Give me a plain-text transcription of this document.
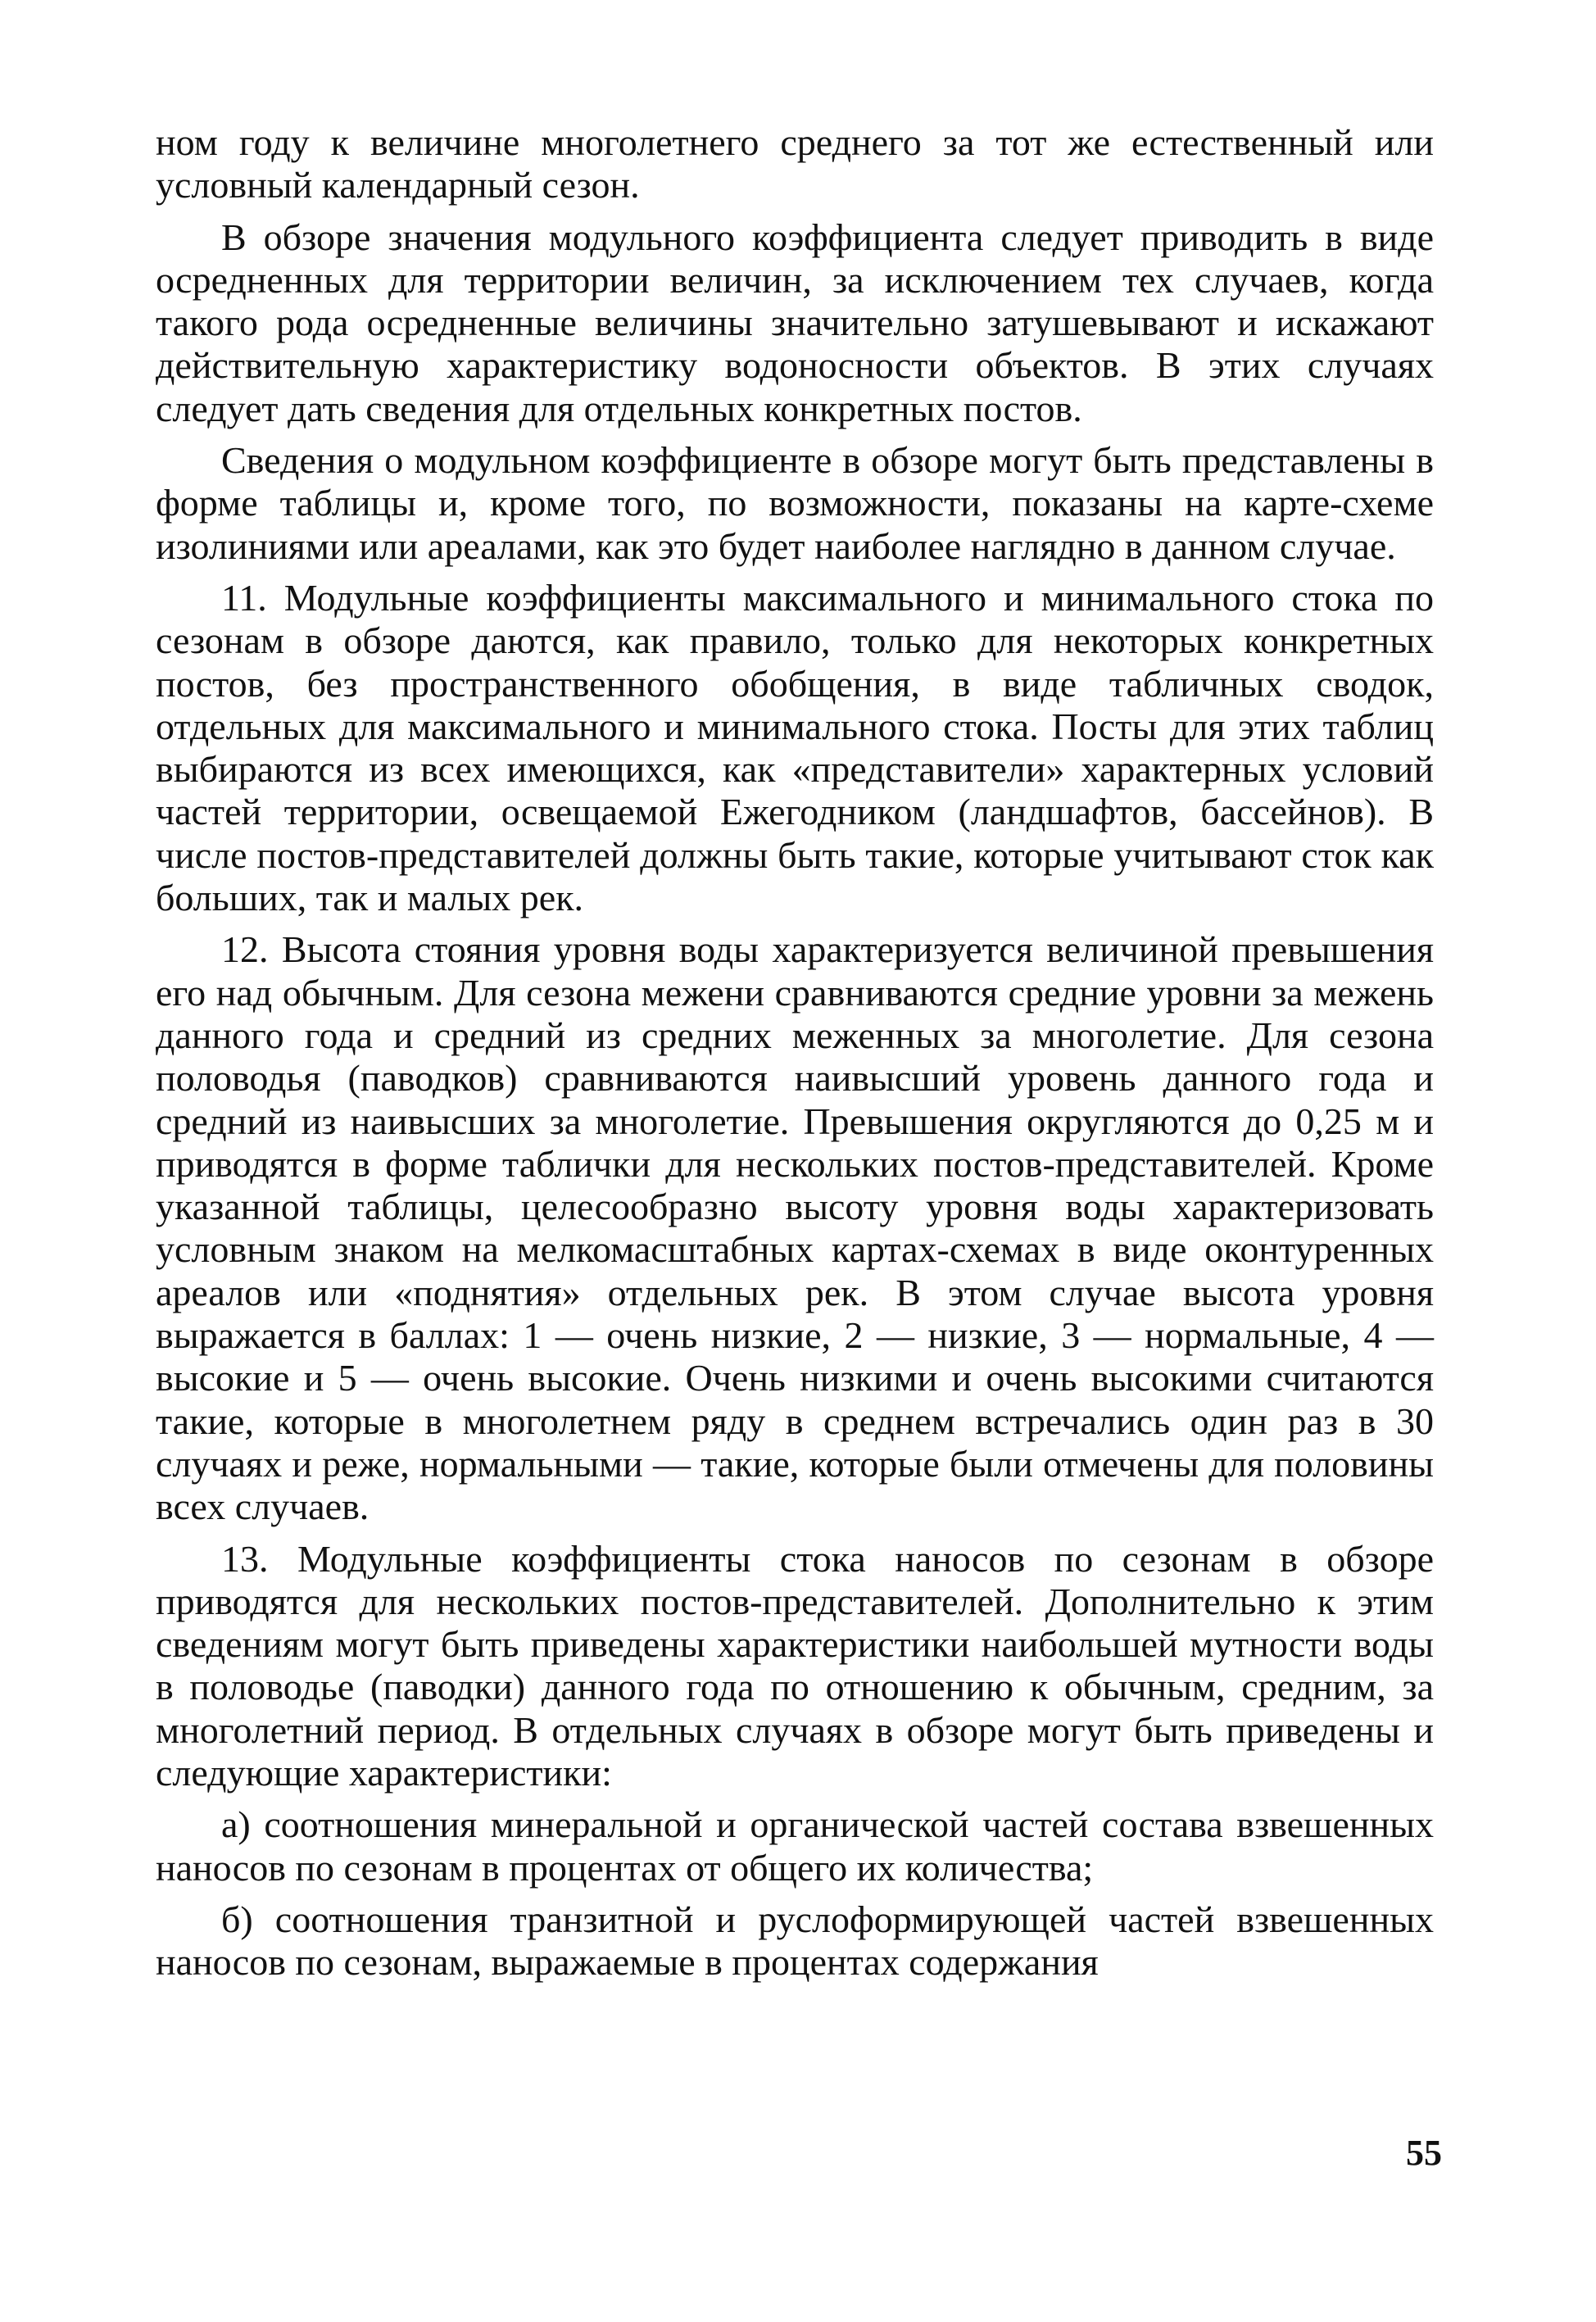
ном году к величине многолетнего среднего за тот же естественный или условный календарный сезон.

В обзоре значения модульного коэффициента следует приводить в виде осредненных для территории величин, за исключением тех случаев, когда такого рода осредненные величины значительно затушевывают и искажают действительную характеристику водоносности объектов. В этих случаях следует дать сведения для отдельных конкретных постов.

Сведения о модульном коэффициенте в обзоре могут быть представлены в форме таблицы и, кроме того, по возможности, показаны на карте-схеме изолиниями или ареалами, как это будет наиболее наглядно в данном случае.

11. Модульные коэффициенты максимального и минимального стока по сезонам в обзоре даются, как правило, только для некоторых конкретных постов, без пространственного обобщения, в виде табличных сводок, отдельных для максимального и минимального стока. Посты для этих таблиц выбираются из всех имеющихся, как «представители» характерных условий частей территории, освещаемой Ежегодником (ландшафтов, бассейнов). В числе постов-представителей должны быть такие, которые учитывают сток как больших, так и малых рек.

12. Высота стояния уровня воды характеризуется величиной превышения его над обычным. Для сезона межени сравниваются средние уровни за межень данного года и средний из средних меженных за многолетие. Для сезона половодья (паводков) сравниваются наивысший уровень данного года и средний из наивысших за многолетие. Превышения округляются до 0,25 м и приводятся в форме таблички для нескольких постов-представителей. Кроме указанной таблицы, целесообразно высоту уровня воды характеризовать условным знаком на мелкомасштабных картах-схемах в виде оконтуренных ареалов или «поднятия» отдельных рек. В этом случае высота уровня выражается в баллах: 1 — очень низкие, 2 — низкие, 3 — нормальные, 4 — высокие и 5 — очень высокие. Очень низкими и очень высокими считаются такие, которые в многолетнем ряду в среднем встречались один раз в 30 случаях и реже, нормальными — такие, которые были отмечены для половины всех случаев.

13. Модульные коэффициенты стока наносов по сезонам в обзоре приводятся для нескольких постов-представителей. Дополнительно к этим сведениям могут быть приведены характеристики наибольшей мутности воды в половодье (паводки) данного года по отношению к обычным, средним, за многолетний период. В отдельных случаях в обзоре могут быть приведены и следующие характеристики:

а) соотношения минеральной и органической частей состава взвешенных наносов по сезонам в процентах от общего их количества;

б) соотношения транзитной и руслоформирующей частей взвешенных наносов по сезонам, выражаемые в процентах содержания

55
